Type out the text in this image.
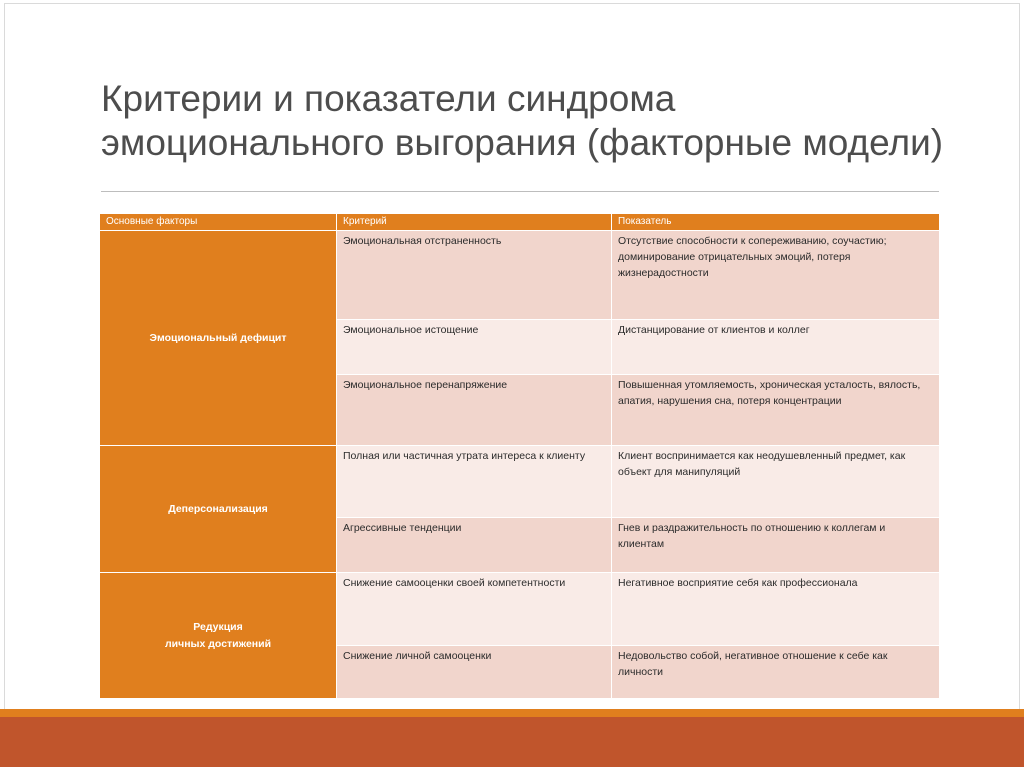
Критерии и показатели синдрома
эмоционального выгорания (факторные модели)
Основные факторы	Критерий	Показатель
Эмоциональный дефицит
Эмоциональная отстраненность	Отсутствие способности к сопереживанию, соучастию; доминирование отрицательных эмоций, потеря жизнерадостности
Эмоциональное истощение	Дистанцирование от клиентов и коллег
Эмоциональное перенапряжение	Повышенная утомляемость, хроническая усталость, вялость, апатия, нарушения сна, потеря концентрации
Деперсонализация
Полная или частичная утрата интереса к клиенту	Клиент воспринимается как неодушевленный предмет, как объект для манипуляций
Агрессивные тенденции	Гнев и раздражительность по отношению к коллегам и клиентам
Редукция
личных достижений
Снижение самооценки своей компетентности	Негативное восприятие себя как профессионала
Снижение личной самооценки	Недовольство собой, негативное отношение к себе как личности
